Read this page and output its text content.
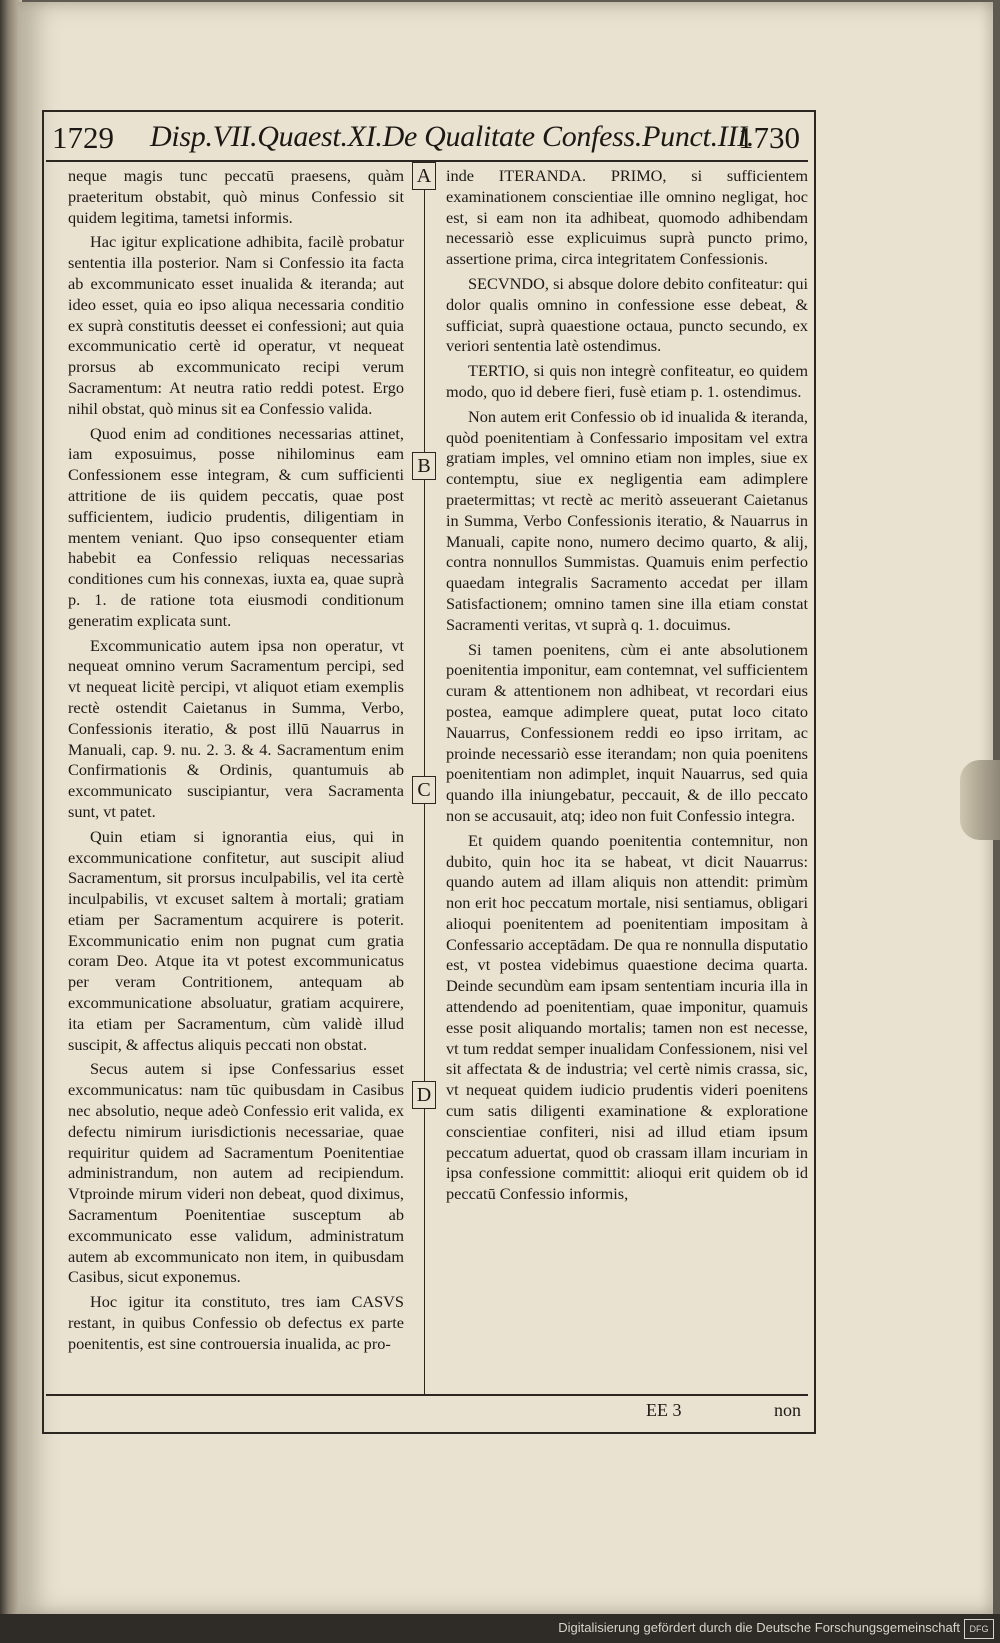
1729 Disp.VII.Quaest.XI.De Qualitate Confess.Punct.III.
1730
A
B
C
D

neque magis tunc peccatū praesens, quàm praeteritum obstabit, quò minus Confessio sit quidem legitima, tametsi informis.

Hac igitur explicatione adhibita, facilè probatur sententia illa posterior. Nam si Confessio ita facta ab excommunicato esset inualida & iteranda; aut ideo esset, quia eo ipso aliqua necessaria conditio ex suprà constitutis deesset ei confessioni; aut quia excommunicatio certè id operatur, vt nequeat prorsus ab excommunicato recipi verum Sacramentum: At neutra ratio reddi potest. Ergo nihil obstat, quò minus sit ea Confessio valida.

Quod enim ad conditiones necessarias attinet, iam exposuimus, posse nihilominus eam Confessionem esse integram, & cum sufficienti attritione de iis quidem peccatis, quae post sufficientem, iudicio prudentis, diligentiam in mentem veniant. Quo ipso consequenter etiam habebit ea Confessio reliquas necessarias conditiones cum his connexas, iuxta ea, quae suprà p. 1. de ratione tota eiusmodi conditionum generatim explicata sunt.

Excommunicatio autem ipsa non operatur, vt nequeat omnino verum Sacramentum percipi, sed vt nequeat licitè percipi, vt aliquot etiam exemplis rectè ostendit Caietanus in Summa, Verbo, Confessionis iteratio, & post illū Nauarrus in Manuali, cap. 9. nu. 2. 3. & 4. Sacramentum enim Confirmationis & Ordinis, quantumuis ab excommunicato suscipiantur, vera Sacramenta sunt, vt patet.

Quin etiam si ignorantia eius, qui in excommunicatione confitetur, aut suscipit aliud Sacramentum, sit prorsus inculpabilis, vel ita certè inculpabilis, vt excuset saltem à mortali; gratiam etiam per Sacramentum acquirere is poterit. Excommunicatio enim non pugnat cum gratia coram Deo. Atque ita vt potest excommunicatus per veram Contritionem, antequam ab excommunicatione absoluatur, gratiam acquirere, ita etiam per Sacramentum, cùm validè illud suscipit, & affectus aliquis peccati non obstat.

Secus autem si ipse Confessarius esset excommunicatus: nam tūc quibusdam in Casibus nec absolutio, neque adeò Confessio erit valida, ex defectu nimirum iurisdictionis necessariae, quae requiritur quidem ad Sacramentum Poenitentiae administrandum, non autem ad recipiendum. Vtproinde mirum videri non debeat, quod diximus, Sacramentum Poenitentiae susceptum ab excommunicato esse validum, administratum autem ab excommunicato non item, in quibusdam Casibus, sicut exponemus.

Hoc igitur ita constituto, tres iam CASVS restant, in quibus Confessio ob defectus ex parte poenitentis, est sine controuersia inualida, ac pro-

inde ITERANDA. PRIMO, si sufficientem examinationem conscientiae ille omnino negligat, hoc est, si eam non ita adhibeat, quomodo adhibendam necessariò esse explicuimus suprà puncto primo, assertione prima, circa integritatem Confessionis.

SECVNDO, si absque dolore debito confiteatur: qui dolor qualis omnino in confessione esse debeat, & sufficiat, suprà quaestione octaua, puncto secundo, ex veriori sententia latè ostendimus.

TERTIO, si quis non integrè confiteatur, eo quidem modo, quo id debere fieri, fusè etiam p. 1. ostendimus.

Non autem erit Confessio ob id inualida & iteranda, quòd poenitentiam à Confessario impositam vel extra gratiam imples, vel omnino etiam non imples, siue ex contemptu, siue ex negligentia eam adimplere praetermittas; vt rectè ac meritò asseuerant Caietanus in Summa, Verbo Confessionis iteratio, & Nauarrus in Manuali, capite nono, numero decimo quarto, & alij, contra nonnullos Summistas. Quamuis enim perfectio quaedam integralis Sacramento accedat per illam Satisfactionem; omnino tamen sine illa etiam constat Sacramenti veritas, vt suprà q. 1. docuimus.

Si tamen poenitens, cùm ei ante absolutionem poenitentia imponitur, eam contemnat, vel sufficientem curam & attentionem non adhibeat, vt recordari eius postea, eamque adimplere queat, putat loco citato Nauarrus, Confessionem reddi eo ipso irritam, ac proinde necessariò esse iterandam; non quia poenitens poenitentiam non adimplet, inquit Nauarrus, sed quia quando illa iniungebatur, peccauit, & de illo peccato non se accusauit, atq; ideo non fuit Confessio integra.

Et quidem quando poenitentia contemnitur, non dubito, quin hoc ita se habeat, vt dicit Nauarrus: quando autem ad illam aliquis non attendit: primùm non erit hoc peccatum mortale, nisi sentiamus, obligari alioqui poenitentem ad poenitentiam impositam à Confessario acceptādam. De qua re nonnulla disputatio est, vt postea videbimus quaestione decima quarta. Deinde secundùm eam ipsam sententiam incuria illa in attendendo ad poenitentiam, quae imponitur, quamuis esse posit aliquando mortalis; tamen non est necesse, vt tum reddat semper inualidam Confessionem, nisi vel sit affectata & de industria; vel certè nimis crassa, sic, vt nequeat quidem iudicio prudentis videri poenitens cum satis diligenti examinatione & exploratione conscientiae confiteri, nisi ad illud etiam ipsum peccatum aduertat, quod ob crassam illam incuriam in ipsa confessione committit: alioqui erit quidem ob id peccatū Confessio informis,

EE 3	non
Digitalisierung gefördert durch die Deutsche Forschungsgemeinschaft	DFG
